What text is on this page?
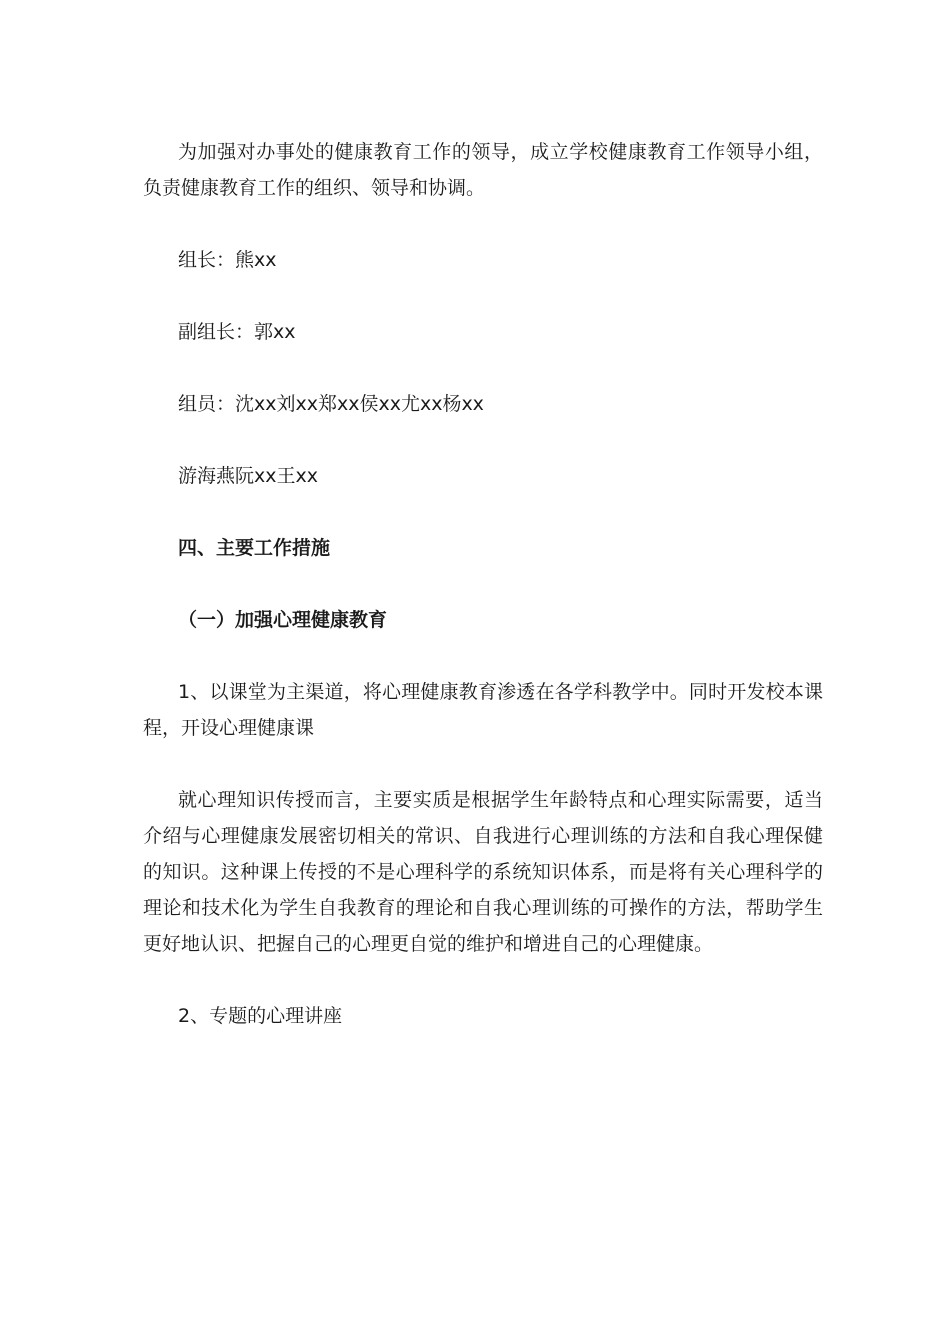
为加强对办事处的健康教育工作的领导，成立学校健康教育工作领导小组，负责健康教育工作的组织、领导和协调。

组长：熊xx

副组长：郭xx

组员：沈xx刘xx郑xx侯xx尤xx杨xx

游海燕阮xx王xx

四、主要工作措施

（一）加强心理健康教育

1、以课堂为主渠道，将心理健康教育渗透在各学科教学中。同时开发校本课程，开设心理健康课

就心理知识传授而言，主要实质是根据学生年龄特点和心理实际需要，适当介绍与心理健康发展密切相关的常识、自我进行心理训练的方法和自我心理保健的知识。这种课上传授的不是心理科学的系统知识体系，而是将有关心理科学的理论和技术化为学生自我教育的理论和自我心理训练的可操作的方法，帮助学生更好地认识、把握自己的心理更自觉的维护和增进自己的心理健康。

2、专题的心理讲座
